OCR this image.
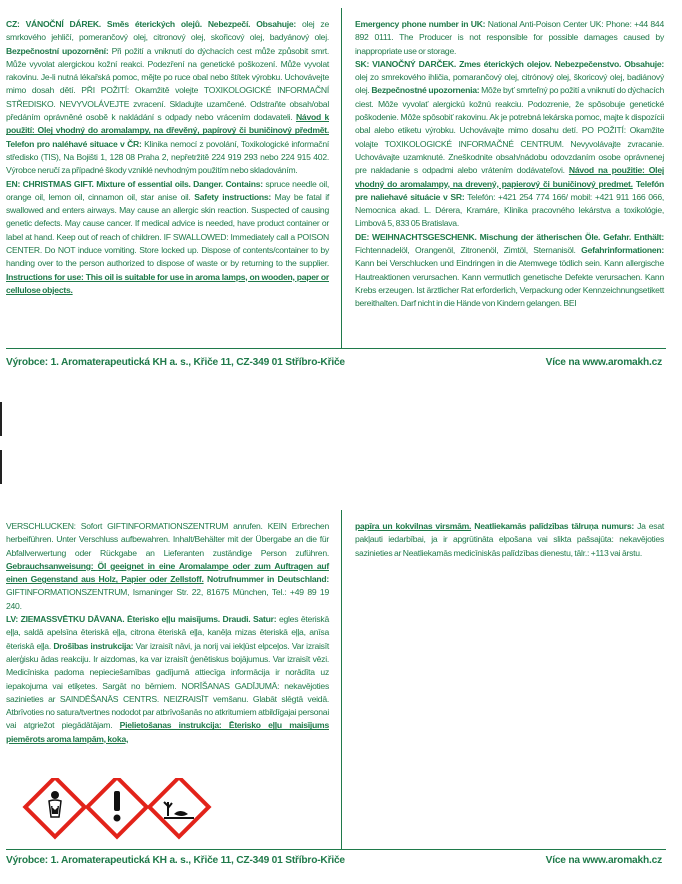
CZ: VÁNOČNÍ DÁREK. Směs éterických olejů. Nebezpečí. Obsahuje: olej ze smrkového jehličí, pomerančový olej, citronový olej, skořicový olej, badyánový olej. Bezpečnostní upozornění: Při požití a vniknutí do dýchacích cest může způsobit smrt. Může vyvolat alergickou kožní reakci. Podezření na genetické poškození. Může vyvolat rakovinu. Je-li nutná lékařská pomoc, mějte po ruce obal nebo štítek výrobku. Uchovávejte mimo dosah dětí. PŘI POŽITÍ: Okamžitě volejte TOXIKOLOGICKÉ INFORMAČNÍ STŘEDISKO. NEVYVOLÁVEJTE zvracení. Skladujte uzamčené. Odstraňte obsah/obal předáním oprávněné osobě k nakládání s odpady nebo vrácením dodavateli. Návod k použití: Olej vhodný do aromalampy, na dřevěný, papírový či buničinový předmět. Telefon pro naléhavé situace v ČR: Klinika nemocí z povolání, Toxikologické informační středisko (TIS), Na Bojišti 1, 128 08 Praha 2, nepřetržitě 224 919 293 nebo 224 915 402. Výrobce neručí za případné škody vzniklé nevhodným použitím nebo skladováním.

EN: CHRISTMAS GIFT. Mixture of essential oils. Danger. Contains: spruce needle oil, orange oil, lemon oil, cinnamon oil, star anise oil. Safety instructions: May be fatal if swallowed and enters airways. May cause an allergic skin reaction. Suspected of causing genetic defects. May cause cancer. If medical advice is needed, have product container or label at hand. Keep out of reach of children. IF SWALLOWED: Immediately call a POISON CENTER. Do NOT induce vomiting. Store locked up. Dispose of contents/container to by handing over to the person authorized to dispose of waste or by returning to the supplier. Instructions for use: This oil is suitable for use in aroma lamps, on wooden, paper or cellulose objects.

Emergency phone number in UK: National Anti-Poison Center UK: Phone: +44 844 892 0111. The Producer is not responsible for possible damages caused by inappropriate use or storage.

SK: VIANOČNÝ DARČEK. Zmes éterických olejov. Nebezpečenstvo. Obsahuje: olej zo smrekového ihličia, pomarančový olej, citrónový olej, škoricový olej, badiánový olej. Bezpečnostné upozornenia: Môže byť smrteľný po požití a vniknutí do dýchacích ciest. Môže vyvolať alergickú kožnú reakciu. Podozrenie, že spôsobuje genetické poškodenie. Môže spôsobiť rakovinu. Ak je potrebná lekárska pomoc, majte k dispozícii obal alebo etiketu výrobku. Uchovávajte mimo dosahu detí. PO POŽITÍ: Okamžite volajte TOXIKOLOGICKÉ INFORMAČNÉ CENTRUM. Nevyvolávajte zvracanie. Uchovávajte uzamknuté. Zneškodnite obsah/nádobu odovzdaním osobe oprávnenej pre nakladanie s odpadmi alebo vrátením dodávateľovi. Návod na použitie: Olej vhodný do aromalampy, na drevený, papierový či buničinový predmet. Telefón pre naliehavé situácie v SR: Telefón: +421 254 774 166/ mobil: +421 911 166 066, Nemocnica akad. L. Dérera, Kramáre, Klinika pracovného lekárstva a toxikológie, Limbová 5, 833 05 Bratislava.

DE: WEIHNACHTSGESCHENK. Mischung der ätherischen Öle. Gefahr. Enthält: Fichtennadelöl, Orangenöl, Zitronenöl, Zimtöl, Sternanisöl. Gefahrinformationen: Kann bei Verschlucken und Eindringen in die Atemwege tödlich sein. Kann allergische Hautreaktionen verursachen. Kann vermutlich genetische Defekte verursachen. Kann Krebs erzeugen. Ist ärztlicher Rat erforderlich, Verpackung oder Kennzeichnungsetikett bereithalten. Darf nicht in die Hände von Kindern gelangen. BEI

Výrobce: 1. Aromaterapeutická KH a. s., Křiče 11, CZ-349 01 Stříbro-Křiče	Více na www.aromakh.cz

VERSCHLUCKEN: Sofort GIFTINFORMATIONSZENTRUM anrufen. KEIN Erbrechen herbeiführen. Unter Verschluss aufbewahren. Inhalt/Behälter mit der Übergabe an die für Abfallverwertung oder Rückgabe an Lieferanten zuständige Person zuführen. Gebrauchsanweisung: Öl geeignet in eine Aromalampe oder zum Auftragen auf einen Gegenstand aus Holz, Papier oder Zellstoff. Notrufnummer in Deutschland: GIFTINFORMATIONSZENTRUM, Ismaninger Str. 22, 81675 München, Tel.: +49 89 19 240.

LV: ZIEMASSVĒTKU DĀVANA. Ēterisko eļļu maisījums. Draudi. Satur: egles ēteriskā eļļa, saldā apelsīna ēteriskā eļļa, citrona ēteriskā eļļa, kanēļa mizas ēteriskā eļļa, anīsa ēteriskā eļļa. Drošības instrukcija: Var izraisīt nāvi, ja norij vai iekļūst elpceļos. Var izraisīt alerģisku ādas reakciju. Ir aizdomas, ka var izraisīt ģenētiskus bojājumus. Var izraisīt vēzi. Medicīniska padoma nepieciešamības gadījumā attiecīga informācija ir norādīta uz iepakojuma vai etiķetes. Sargāt no bērniem. NORĪŠANAS GADĪJUMĀ: nekavējoties sazinieties ar SAINDĒŠANĀS CENTRS. NEIZRAISĪT vemšanu. Glabāt slēgtā veidā. Atbrīvoties no satura/tvertnes nododot par atbrīvošanās no atkritumiem atbildīgajai personai vai atgriežot piegādātājam. Pielietošanas instrukcija: Ēterisko eļļu maisījums piemērots aroma lampām, koka,

papīra un kokvilnas virsmām. Neatliekamās palīdzības tālruņa numurs: Ja esat pakļauti iedarbībai, ja ir apgrūtināta elpošana vai slikta pašsajūta: nekavējoties sazinieties ar Neatliekamās medicīniskās palīdzības dienestu, tālr.: +113 vai ārstu.

Výrobce: 1. Aromaterapeutická KH a. s., Křiče 11, CZ-349 01 Stříbro-Křiče	Více na www.aromakh.cz
